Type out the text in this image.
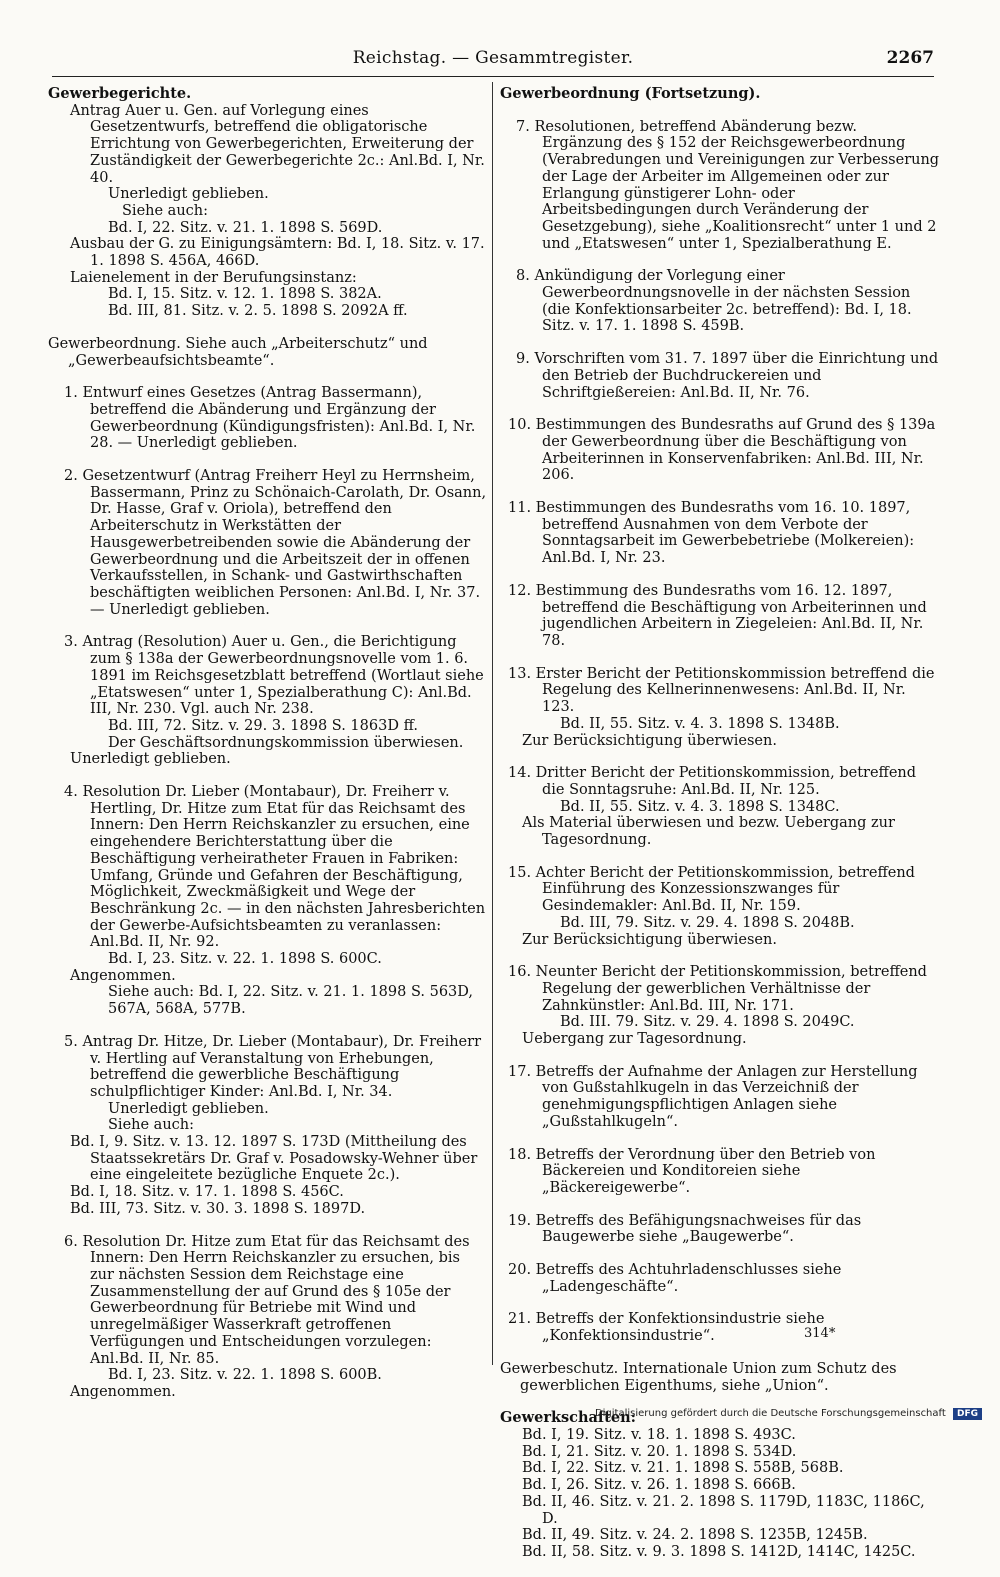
Reichstag. — Gesammtregister.	2267

Gewerbegerichte.

Antrag Auer u. Gen. auf Vorlegung eines Gesetzentwurfs, betreffend die obligatorische Errichtung von Gewerbegerichten, Erweiterung der Zuständigkeit der Gewerbegerichte 2c.: Anl.Bd. I, Nr. 40.

Unerledigt geblieben.

Siehe auch:

Bd. I, 22. Sitz. v. 21. 1. 1898 S. 569D.

Ausbau der G. zu Einigungsämtern: Bd. I, 18. Sitz. v. 17. 1. 1898 S. 456A, 466D.

Laienelement in der Berufungsinstanz:

Bd. I, 15. Sitz. v. 12. 1. 1898 S. 382A.

Bd. III, 81. Sitz. v. 2. 5. 1898 S. 2092A ff.

Gewerbeordnung. Siehe auch „Arbeiterschutz“ und „Gewerbeaufsichtsbeamte“.

1. Entwurf eines Gesetzes (Antrag Bassermann), betreffend die Abänderung und Ergänzung der Gewerbeordnung (Kündigungsfristen): Anl.Bd. I, Nr. 28. — Unerledigt geblieben.

2. Gesetzentwurf (Antrag Freiherr Heyl zu Herrnsheim, Bassermann, Prinz zu Schönaich-Carolath, Dr. Osann, Dr. Hasse, Graf v. Oriola), betreffend den Arbeiterschutz in Werkstätten der Hausgewerbetreibenden sowie die Abänderung der Gewerbeordnung und die Arbeitszeit der in offenen Verkaufsstellen, in Schank- und Gastwirthschaften beschäftigten weiblichen Personen: Anl.Bd. I, Nr. 37. — Unerledigt geblieben.

3. Antrag (Resolution) Auer u. Gen., die Berichtigung zum § 138a der Gewerbeordnungsnovelle vom 1. 6. 1891 im Reichsgesetzblatt betreffend (Wortlaut siehe „Etatswesen“ unter 1, Spezialberathung C): Anl.Bd. III, Nr. 230. Vgl. auch Nr. 238.

Bd. III, 72. Sitz. v. 29. 3. 1898 S. 1863D ff.

Der Geschäftsordnungskommission überwiesen.

Unerledigt geblieben.

4. Resolution Dr. Lieber (Montabaur), Dr. Freiherr v. Hertling, Dr. Hitze zum Etat für das Reichsamt des Innern: Den Herrn Reichskanzler zu ersuchen, eine eingehendere Berichterstattung über die Beschäftigung verheiratheter Frauen in Fabriken: Umfang, Gründe und Gefahren der Beschäftigung, Möglichkeit, Zweckmäßigkeit und Wege der Beschränkung 2c. — in den nächsten Jahresberichten der Gewerbe-Aufsichtsbeamten zu veranlassen: Anl.Bd. II, Nr. 92.

Bd. I, 23. Sitz. v. 22. 1. 1898 S. 600C.

Angenommen.

Siehe auch: Bd. I, 22. Sitz. v. 21. 1. 1898 S. 563D, 567A, 568A, 577B.

5. Antrag Dr. Hitze, Dr. Lieber (Montabaur), Dr. Freiherr v. Hertling auf Veranstaltung von Erhebungen, betreffend die gewerbliche Beschäftigung schulpflichtiger Kinder: Anl.Bd. I, Nr. 34.

Unerledigt geblieben.

Siehe auch:

Bd. I, 9. Sitz. v. 13. 12. 1897 S. 173D (Mittheilung des Staatssekretärs Dr. Graf v. Posadowsky-Wehner über eine eingeleitete bezügliche Enquete 2c.).

Bd. I, 18. Sitz. v. 17. 1. 1898 S. 456C.

Bd. III, 73. Sitz. v. 30. 3. 1898 S. 1897D.

6. Resolution Dr. Hitze zum Etat für das Reichsamt des Innern: Den Herrn Reichskanzler zu ersuchen, bis zur nächsten Session dem Reichstage eine Zusammenstellung der auf Grund des § 105e der Gewerbeordnung für Betriebe mit Wind und unregelmäßiger Wasserkraft getroffenen Verfügungen und Entscheidungen vorzulegen: Anl.Bd. II, Nr. 85.

Bd. I, 23. Sitz. v. 22. 1. 1898 S. 600B.

Angenommen.

Gewerbeordnung (Fortsetzung).

7. Resolutionen, betreffend Abänderung bezw. Ergänzung des § 152 der Reichsgewerbeordnung (Verabredungen und Vereinigungen zur Verbesserung der Lage der Arbeiter im Allgemeinen oder zur Erlangung günstigerer Lohn- oder Arbeitsbedingungen durch Veränderung der Gesetzgebung), siehe „Koalitionsrecht“ unter 1 und 2 und „Etatswesen“ unter 1, Spezialberathung E.

8. Ankündigung der Vorlegung einer Gewerbeordnungsnovelle in der nächsten Session (die Konfektionsarbeiter 2c. betreffend): Bd. I, 18. Sitz. v. 17. 1. 1898 S. 459B.

9. Vorschriften vom 31. 7. 1897 über die Einrichtung und den Betrieb der Buchdruckereien und Schriftgießereien: Anl.Bd. II, Nr. 76.

10. Bestimmungen des Bundesraths auf Grund des § 139a der Gewerbeordnung über die Beschäftigung von Arbeiterinnen in Konservenfabriken: Anl.Bd. III, Nr. 206.

11. Bestimmungen des Bundesraths vom 16. 10. 1897, betreffend Ausnahmen von dem Verbote der Sonntagsarbeit im Gewerbebetriebe (Molkereien): Anl.Bd. I, Nr. 23.

12. Bestimmung des Bundesraths vom 16. 12. 1897, betreffend die Beschäftigung von Arbeiterinnen und jugendlichen Arbeitern in Ziegeleien: Anl.Bd. II, Nr. 78.

13. Erster Bericht der Petitionskommission betreffend die Regelung des Kellnerinnenwesens: Anl.Bd. II, Nr. 123.

Bd. II, 55. Sitz. v. 4. 3. 1898 S. 1348B.

Zur Berücksichtigung überwiesen.

14. Dritter Bericht der Petitionskommission, betreffend die Sonntagsruhe: Anl.Bd. II, Nr. 125.

Bd. II, 55. Sitz. v. 4. 3. 1898 S. 1348C.

Als Material überwiesen und bezw. Uebergang zur Tagesordnung.

15. Achter Bericht der Petitionskommission, betreffend Einführung des Konzessionszwanges für Gesindemakler: Anl.Bd. II, Nr. 159.

Bd. III, 79. Sitz. v. 29. 4. 1898 S. 2048B.

Zur Berücksichtigung überwiesen.

16. Neunter Bericht der Petitionskommission, betreffend Regelung der gewerblichen Verhältnisse der Zahnkünstler: Anl.Bd. III, Nr. 171.

Bd. III. 79. Sitz. v. 29. 4. 1898 S. 2049C.

Uebergang zur Tagesordnung.

17. Betreffs der Aufnahme der Anlagen zur Herstellung von Gußstahlkugeln in das Verzeichniß der genehmigungspflichtigen Anlagen siehe „Gußstahlkugeln“.

18. Betreffs der Verordnung über den Betrieb von Bäckereien und Konditoreien siehe „Bäckereigewerbe“.

19. Betreffs des Befähigungsnachweises für das Baugewerbe siehe „Baugewerbe“.

20. Betreffs des Achtuhrladenschlusses siehe „Ladengeschäfte“.

21. Betreffs der Konfektionsindustrie siehe „Konfektionsindustrie“.

Gewerbeschutz. Internationale Union zum Schutz des gewerblichen Eigenthums, siehe „Union“.

Gewerkschaften:

Bd. I, 19. Sitz. v. 18. 1. 1898 S. 493C.

Bd. I, 21. Sitz. v. 20. 1. 1898 S. 534D.

Bd. I, 22. Sitz. v. 21. 1. 1898 S. 558B, 568B.

Bd. I, 26. Sitz. v. 26. 1. 1898 S. 666B.

Bd. II, 46. Sitz. v. 21. 2. 1898 S. 1179D, 1183C, 1186C, D.

Bd. II, 49. Sitz. v. 24. 2. 1898 S. 1235B, 1245B.

Bd. II, 58. Sitz. v. 9. 3. 1898 S. 1412D, 1414C, 1425C.

314*
Digitalisierung gefördert durch die Deutsche Forschungsgemeinschaft DFG
